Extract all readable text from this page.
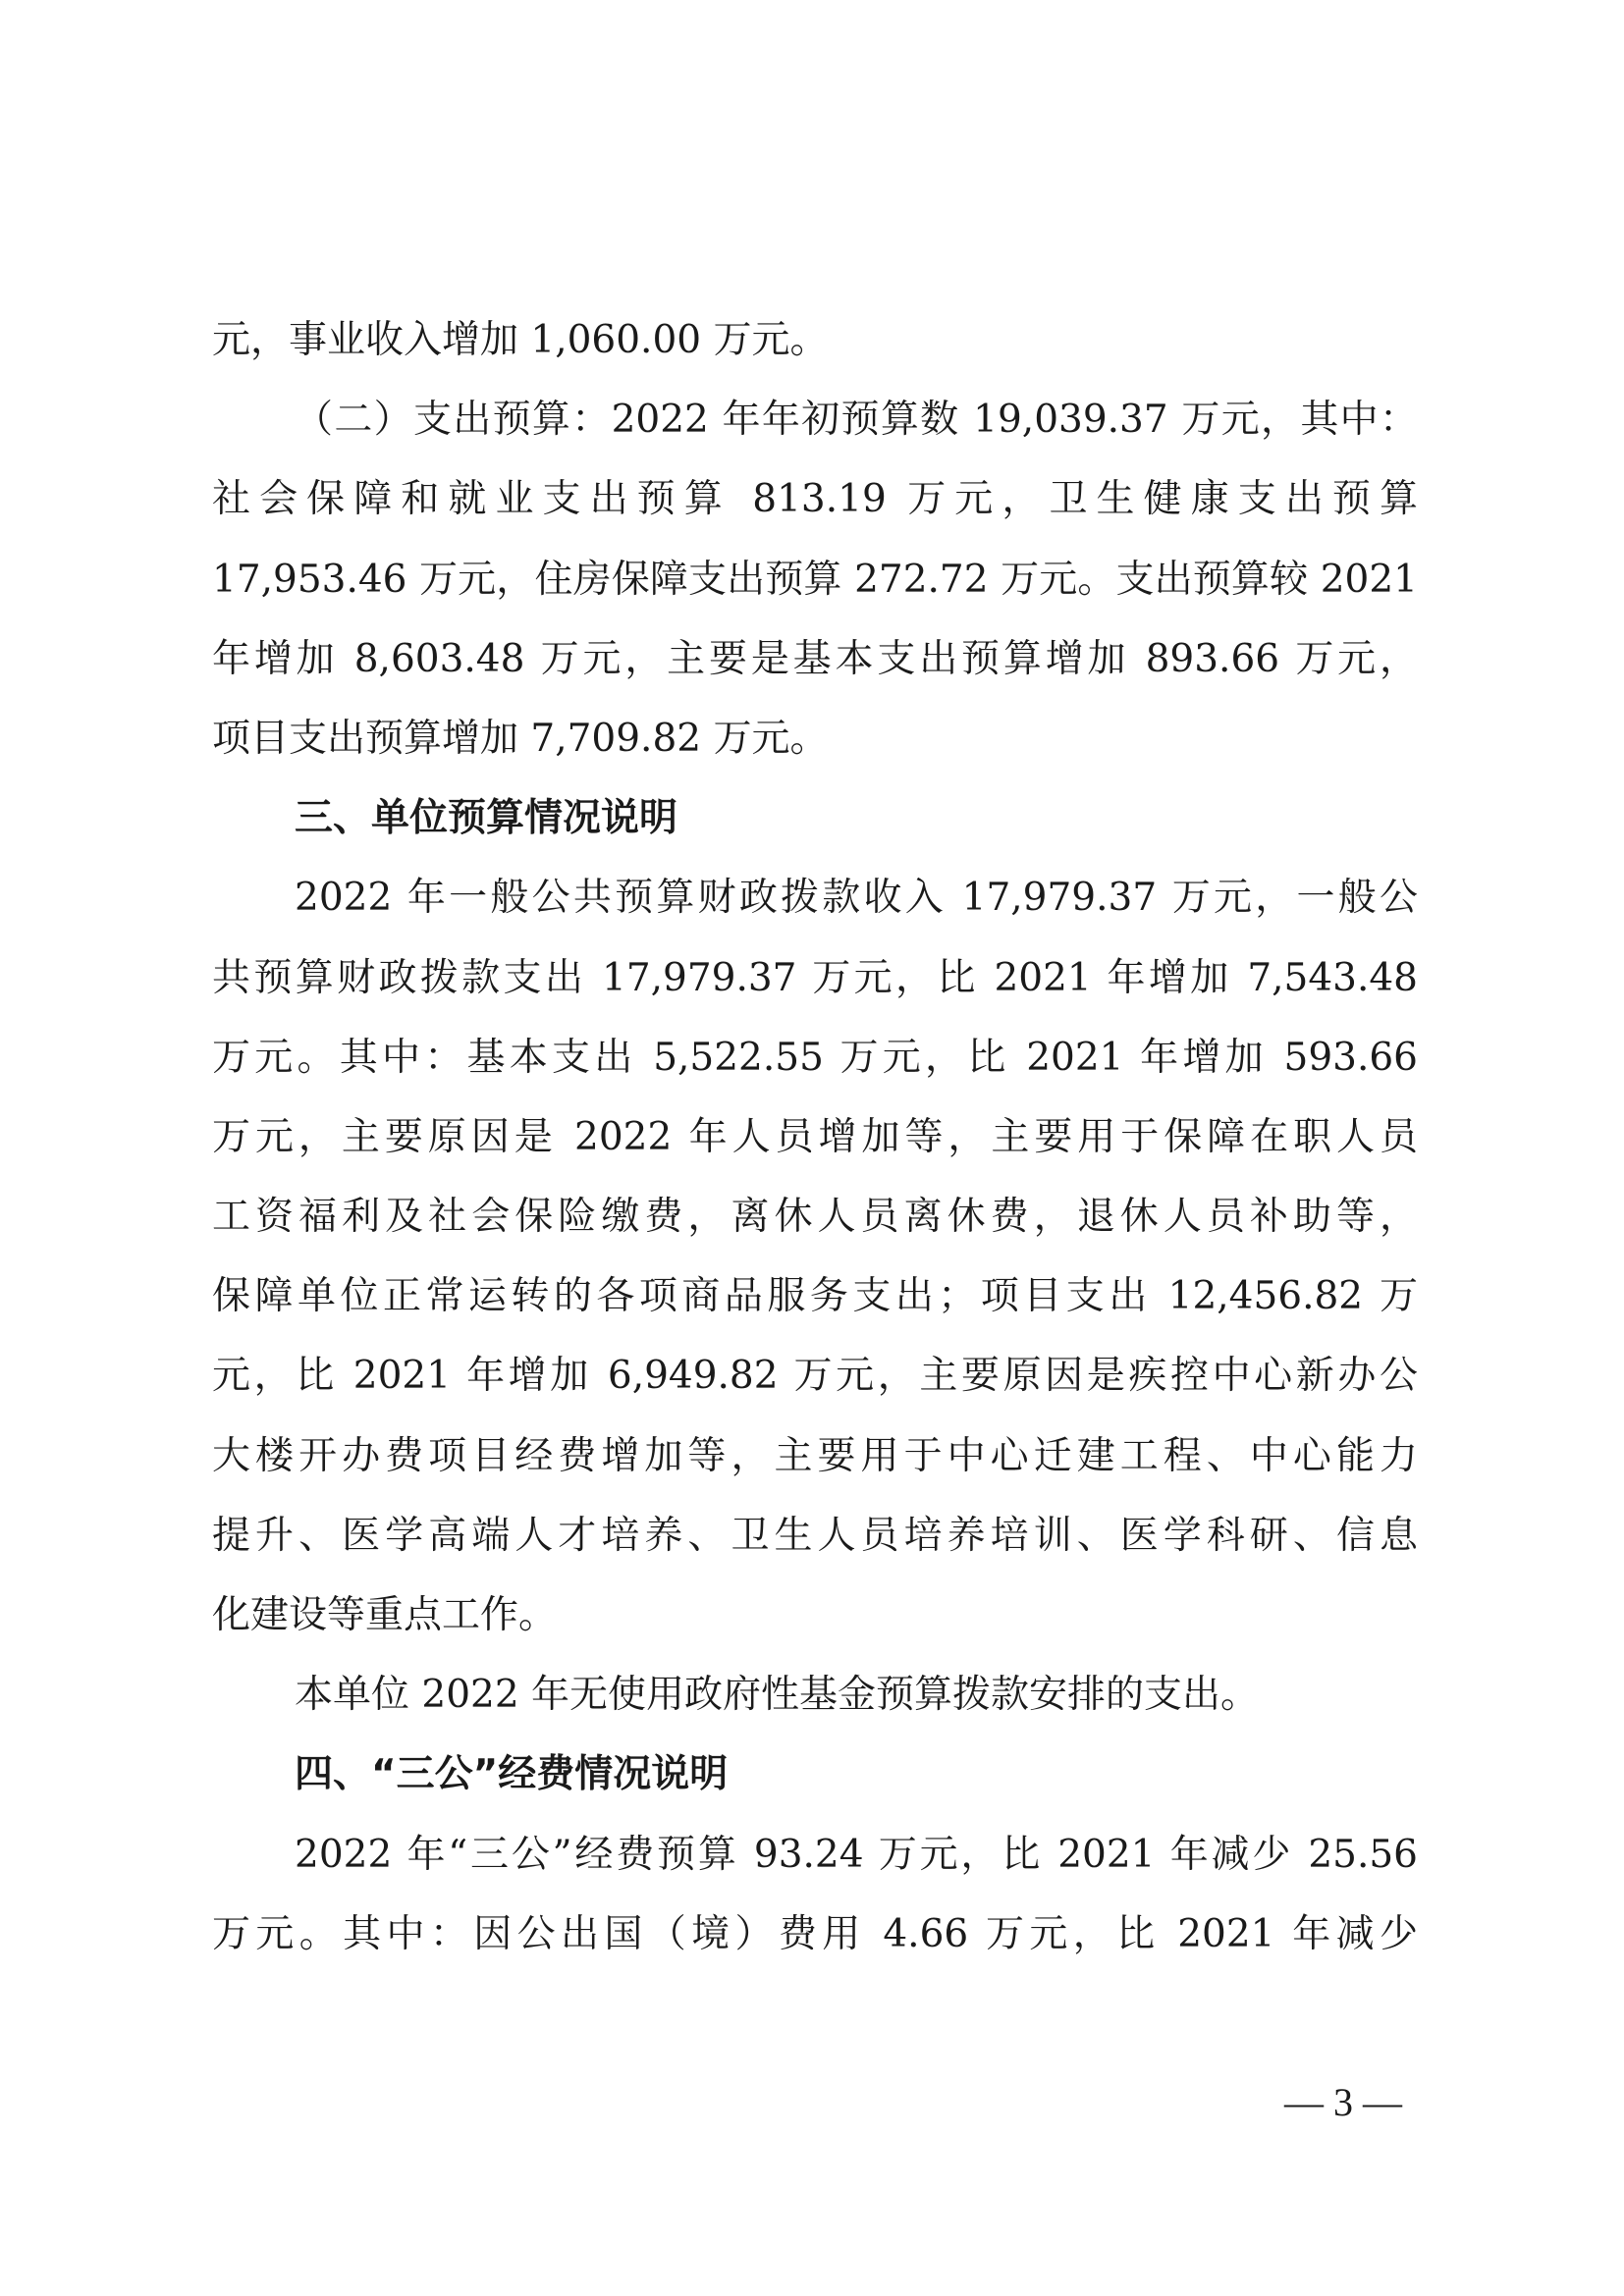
元，事业收入增加 1,060.00 万元。
（二）支出预算：2022 年年初预算数 19,039.37 万元，其中：
社会保障和就业支出预算 813.19 万元，卫生健康支出预算
17,953.46 万元，住房保障支出预算 272.72 万元。支出预算较 2021
年增加 8,603.48 万元，主要是基本支出预算增加 893.66 万元，
项目支出预算增加 7,709.82 万元。
三、单位预算情况说明
2022 年一般公共预算财政拨款收入 17,979.37 万元，一般公
共预算财政拨款支出 17,979.37 万元，比 2021 年增加 7,543.48
万元。其中：基本支出 5,522.55 万元，比 2021 年增加 593.66
万元，主要原因是 2022 年人员增加等，主要用于保障在职人员
工资福利及社会保险缴费，离休人员离休费，退休人员补助等，
保障单位正常运转的各项商品服务支出；项目支出 12,456.82 万
元，比 2021 年增加 6,949.82 万元，主要原因是疾控中心新办公
大楼开办费项目经费增加等，主要用于中心迁建工程、中心能力
提升、医学高端人才培养、卫生人员培养培训、医学科研、信息
化建设等重点工作。
本单位 2022 年无使用政府性基金预算拨款安排的支出。
四、“三公”经费情况说明
2022 年“三公”经费预算 93.24 万元，比 2021 年减少 25.56
万元。其中：因公出国（境）费用 4.66 万元，比 2021 年减少
— 3 —
